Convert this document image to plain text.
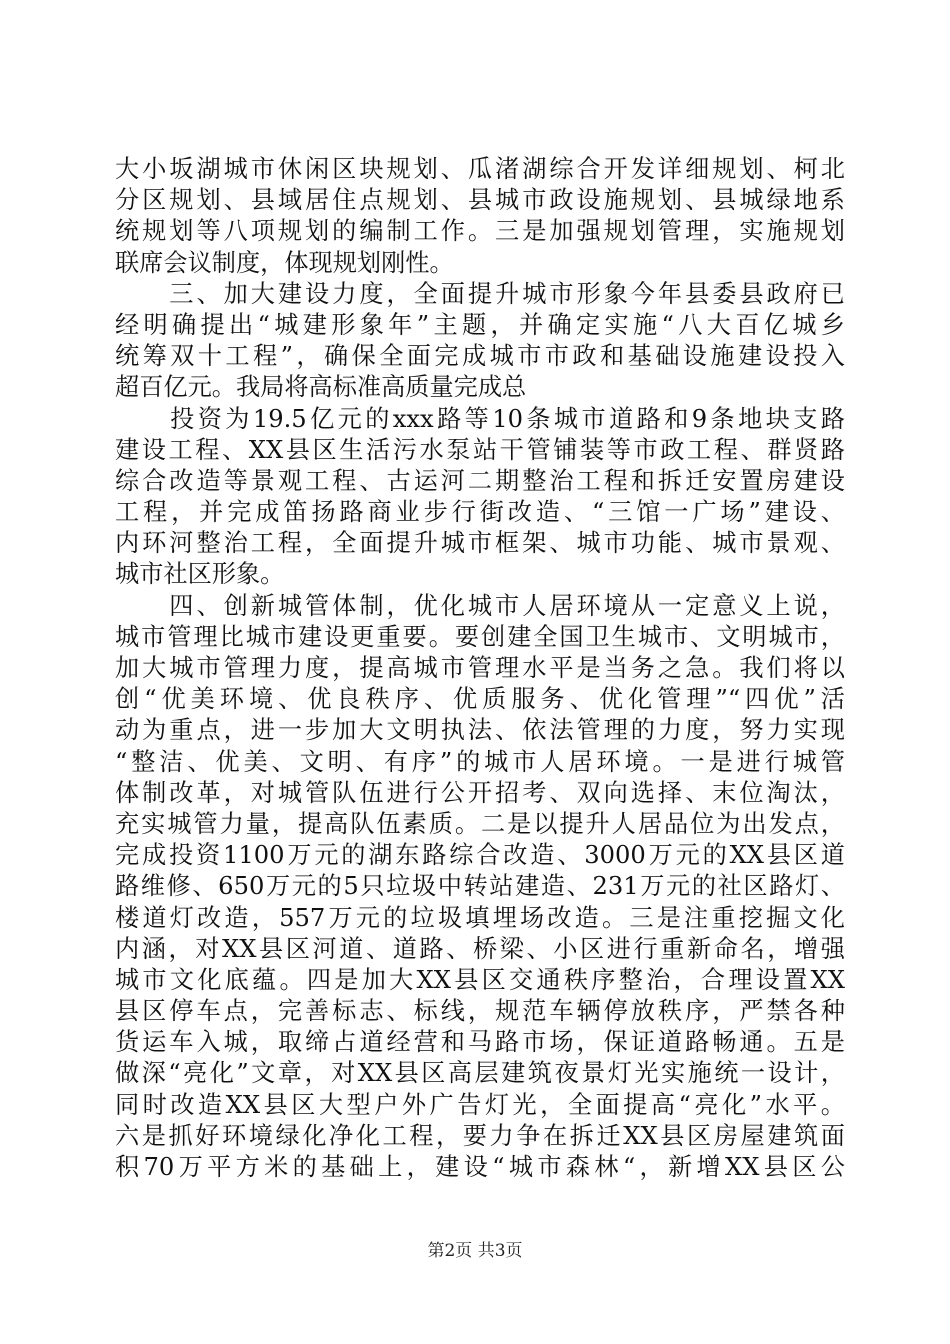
大小坂湖城市休闲区块规划、瓜渚湖综合开发详细规划、柯北
分区规划、县域居住点规划、县城市政设施规划、县城绿地系
统规划等八项规划的编制工作。三是加强规划管理，实施规划
联席会议制度，体现规划刚性。
　　三、加大建设力度，全面提升城市形象今年县委县政府已
经明确提出“城建形象年”主题，并确定实施“八大百亿城乡
统筹双十工程”，确保全面完成城市市政和基础设施建设投入
超百亿元。我局将高标准高质量完成总
　　投资为19.5亿元的xxx路等10条城市道路和9条地块支路
建设工程、XX县区生活污水泵站干管铺装等市政工程、群贤路
综合改造等景观工程、古运河二期整治工程和拆迁安置房建设
工程，并完成笛扬路商业步行街改造、“三馆一广场”建设、
内环河整治工程，全面提升城市框架、城市功能、城市景观、
城市社区形象。
　　四、创新城管体制，优化城市人居环境从一定意义上说，
城市管理比城市建设更重要。要创建全国卫生城市、文明城市，
加大城市管理力度，提高城市管理水平是当务之急。我们将以
创“优美环境、优良秩序、优质服务、优化管理”“四优”活
动为重点，进一步加大文明执法、依法管理的力度，努力实现
“整洁、优美、文明、有序”的城市人居环境。一是进行城管
体制改革，对城管队伍进行公开招考、双向选择、末位淘汰，
充实城管力量，提高队伍素质。二是以提升人居品位为出发点，
完成投资1100万元的湖东路综合改造、3000万元的XX县区道
路维修、650万元的5只垃圾中转站建造、231万元的社区路灯、
楼道灯改造，557万元的垃圾填埋场改造。三是注重挖掘文化
内涵，对XX县区河道、道路、桥梁、小区进行重新命名，增强
城市文化底蕴。四是加大XX县区交通秩序整治，合理设置XX
县区停车点，完善标志、标线，规范车辆停放秩序，严禁各种
货运车入城，取缔占道经营和马路市场，保证道路畅通。五是
做深“亮化”文章，对XX县区高层建筑夜景灯光实施统一设计，
同时改造XX县区大型户外广告灯光，全面提高“亮化”水平。
六是抓好环境绿化净化工程，要力争在拆迁XX县区房屋建筑面
积70万平方米的基础上，建设“城市森林“，新增XX县区公
第2页 共3页
